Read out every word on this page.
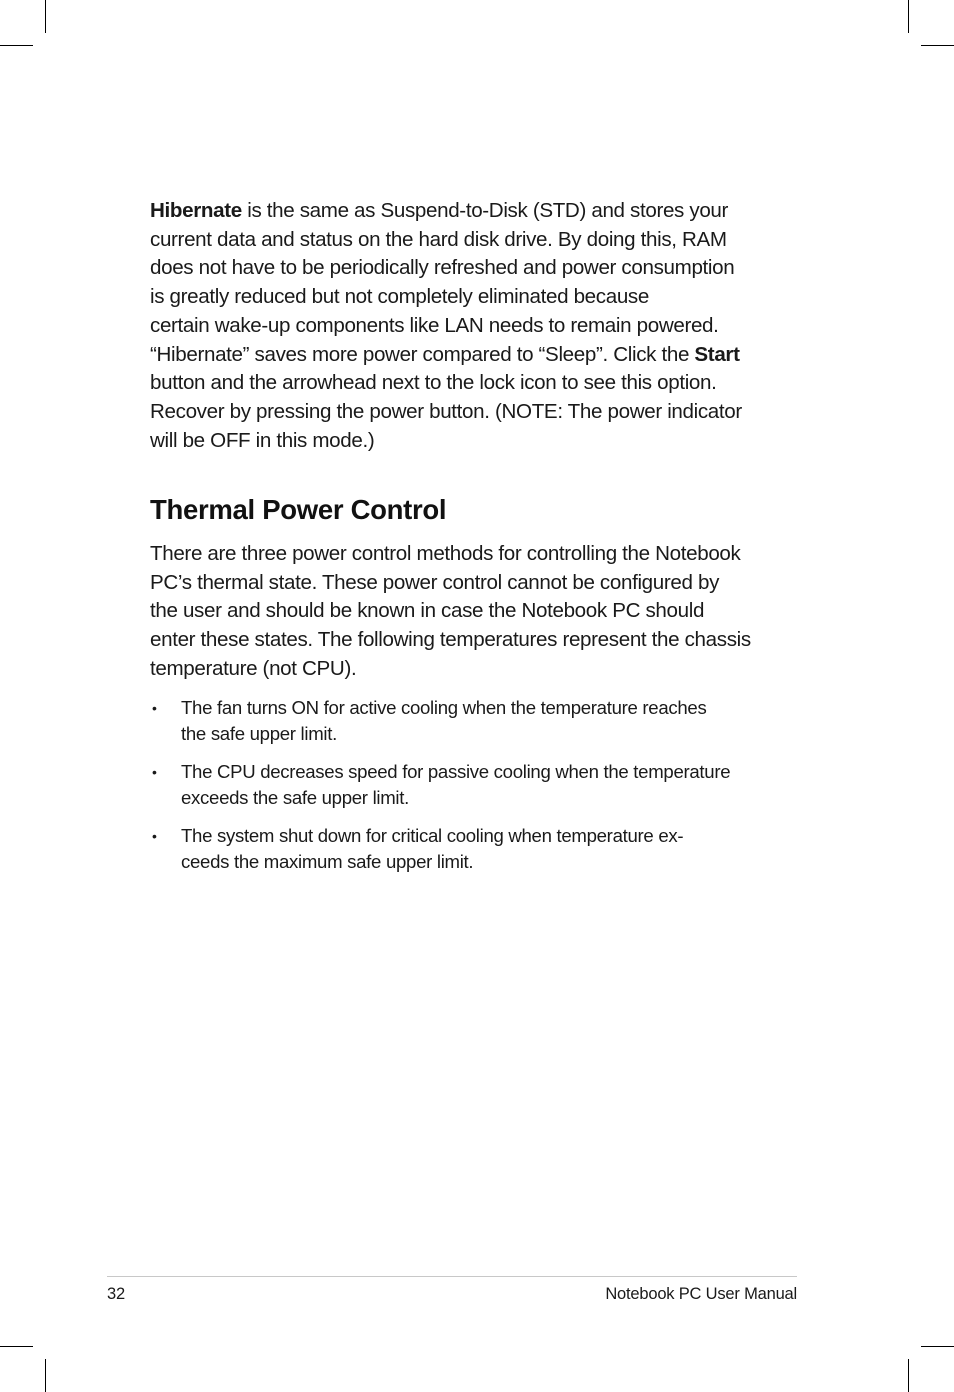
Hibernate is the same as Suspend-to-Disk (STD) and stores your
current data and status on the hard disk drive. By doing this, RAM
does not have to be periodically refreshed and power consumption
is greatly reduced but not completely eliminated because
certain wake-up components like LAN needs to remain powered.
“Hibernate” saves more power compared to “Sleep”. Click the Start
button and the arrowhead next to the lock icon to see this option.
Recover by pressing the power button. (NOTE: The power indicator
will be OFF in this mode.)

Thermal Power Control

There are three power control methods for controlling the Notebook
PC’s thermal state. These power control cannot be configured by
the user and should be known in case the Notebook PC should
enter these states. The following temperatures represent the chassis
temperature (not CPU).

• The fan turns ON for active cooling when the temperature reaches
the safe upper limit.
• The CPU decreases speed for passive cooling when the temperature
exceeds the safe upper limit.
• The system shut down for critical cooling when temperature ex-
ceeds the maximum safe upper limit.
32	Notebook PC User Manual
